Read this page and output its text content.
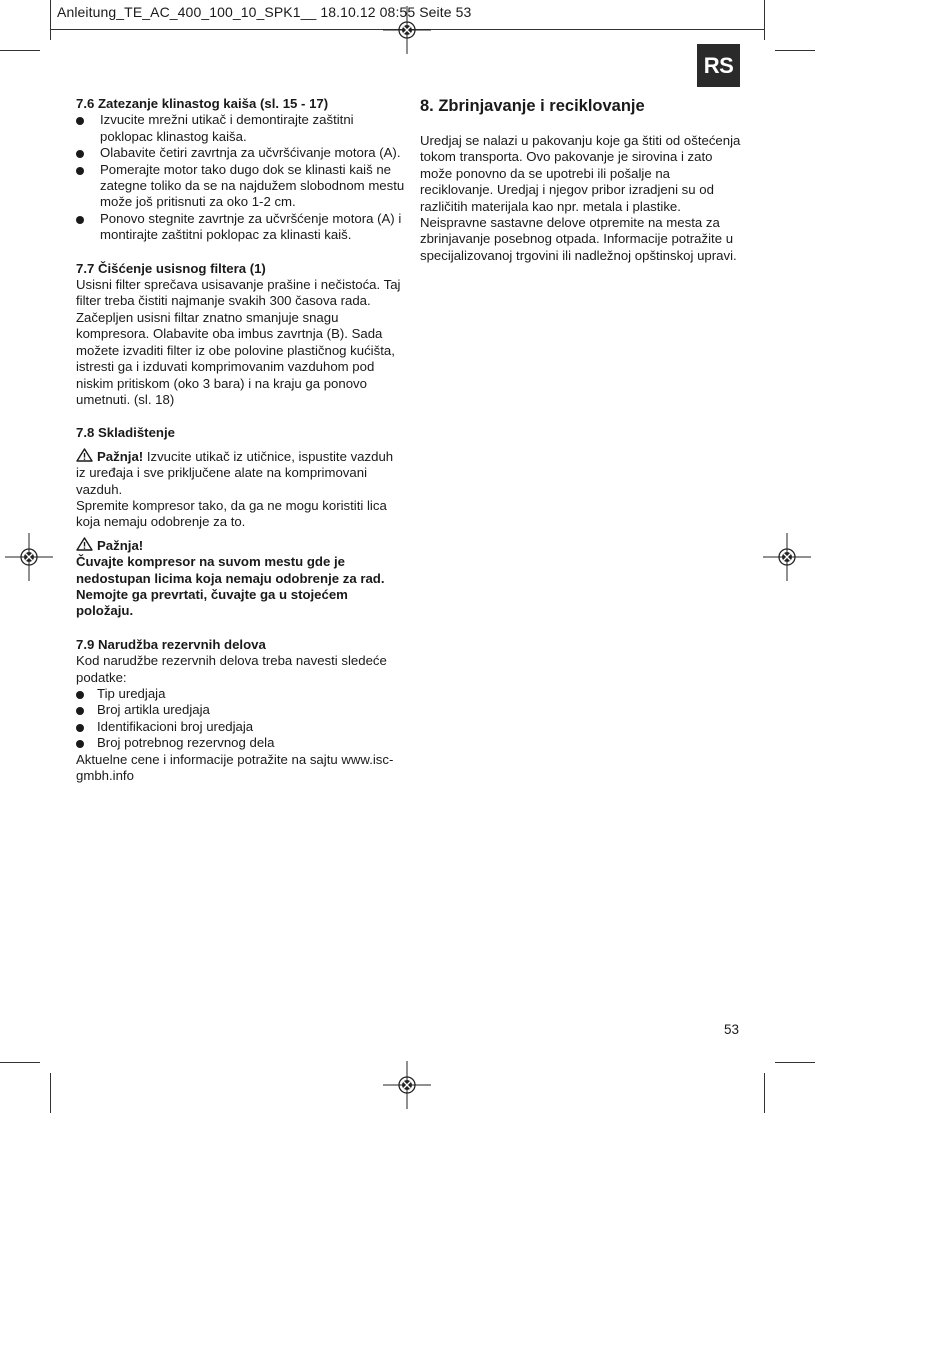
Anleitung_TE_AC_400_100_10_SPK1__ 18.10.12 08:55 Seite 53
RS
7.6 Zatezanje klinastog kaiša (sl. 15 - 17)
Izvucite mrežni utikač i demontirajte zaštitni poklopac klinastog kaiša.
Olabavite četiri zavrtnja za učvršćivanje motora (A).
Pomerajte motor tako dugo dok se klinasti kaiš ne zategne toliko da se na najdužem slobodnom mestu može još pritisnuti za oko 1-2 cm.
Ponovo stegnite zavrtnje za učvršćenje motora (A) i montirajte zaštitni poklopac za klinasti kaiš.
7.7 Čišćenje usisnog filtera (1)

Usisni filter sprečava usisavanje prašine i nečistoća. Taj filter treba čistiti najmanje svakih 300 časova rada. Začepljen usisni filtar znatno smanjuje snagu kompresora. Olabavite oba imbus zavrtnja (B). Sada možete izvaditi filter iz obe polovine plastičnog kućišta, istresti ga i izduvati komprimovanim vazduhom pod niskim pritiskom (oko 3 bara) i na kraju ga ponovo umetnuti. (sl. 18)

7.8 Skladištenje

Pažnja! Izvucite utikač iz utičnice, ispustite vazduh iz uređaja i sve priključene alate na komprimovani vazduh.

Spremite kompresor tako, da ga ne mogu koristiti lica koja nemaju odobrenje za to.

Pažnja!

Čuvajte kompresor na suvom mestu gde je nedostupan licima koja nemaju odobrenje za rad. Nemojte ga prevrtati, čuvajte ga u stojećem položaju.

7.9 Narudžba rezervnih delova

Kod narudžbe rezervnih delova treba navesti sledeće podatke:

Tip uredjaja
Broj artikla uredjaja
Identifikacioni broj uredjaja
Broj potrebnog rezervnog dela

Aktuelne cene i informacije potražite na sajtu www.isc-gmbh.info

8. Zbrinjavanje i reciklovanje

Uredjaj se nalazi u pakovanju koje ga štiti od oštećenja tokom transporta. Ovo pakovanje je sirovina i zato može ponovno da se upotrebi ili pošalje na reciklovanje. Uredjaj i njegov pribor izradjeni su od različitih materijala kao npr. metala i plastike. Neispravne sastavne delove otpremite na mesta za zbrinjavanje posebnog otpada. Informacije potražite u specijalizovanoj trgovini ili nadležnoj opštinskoj upravi.

53
